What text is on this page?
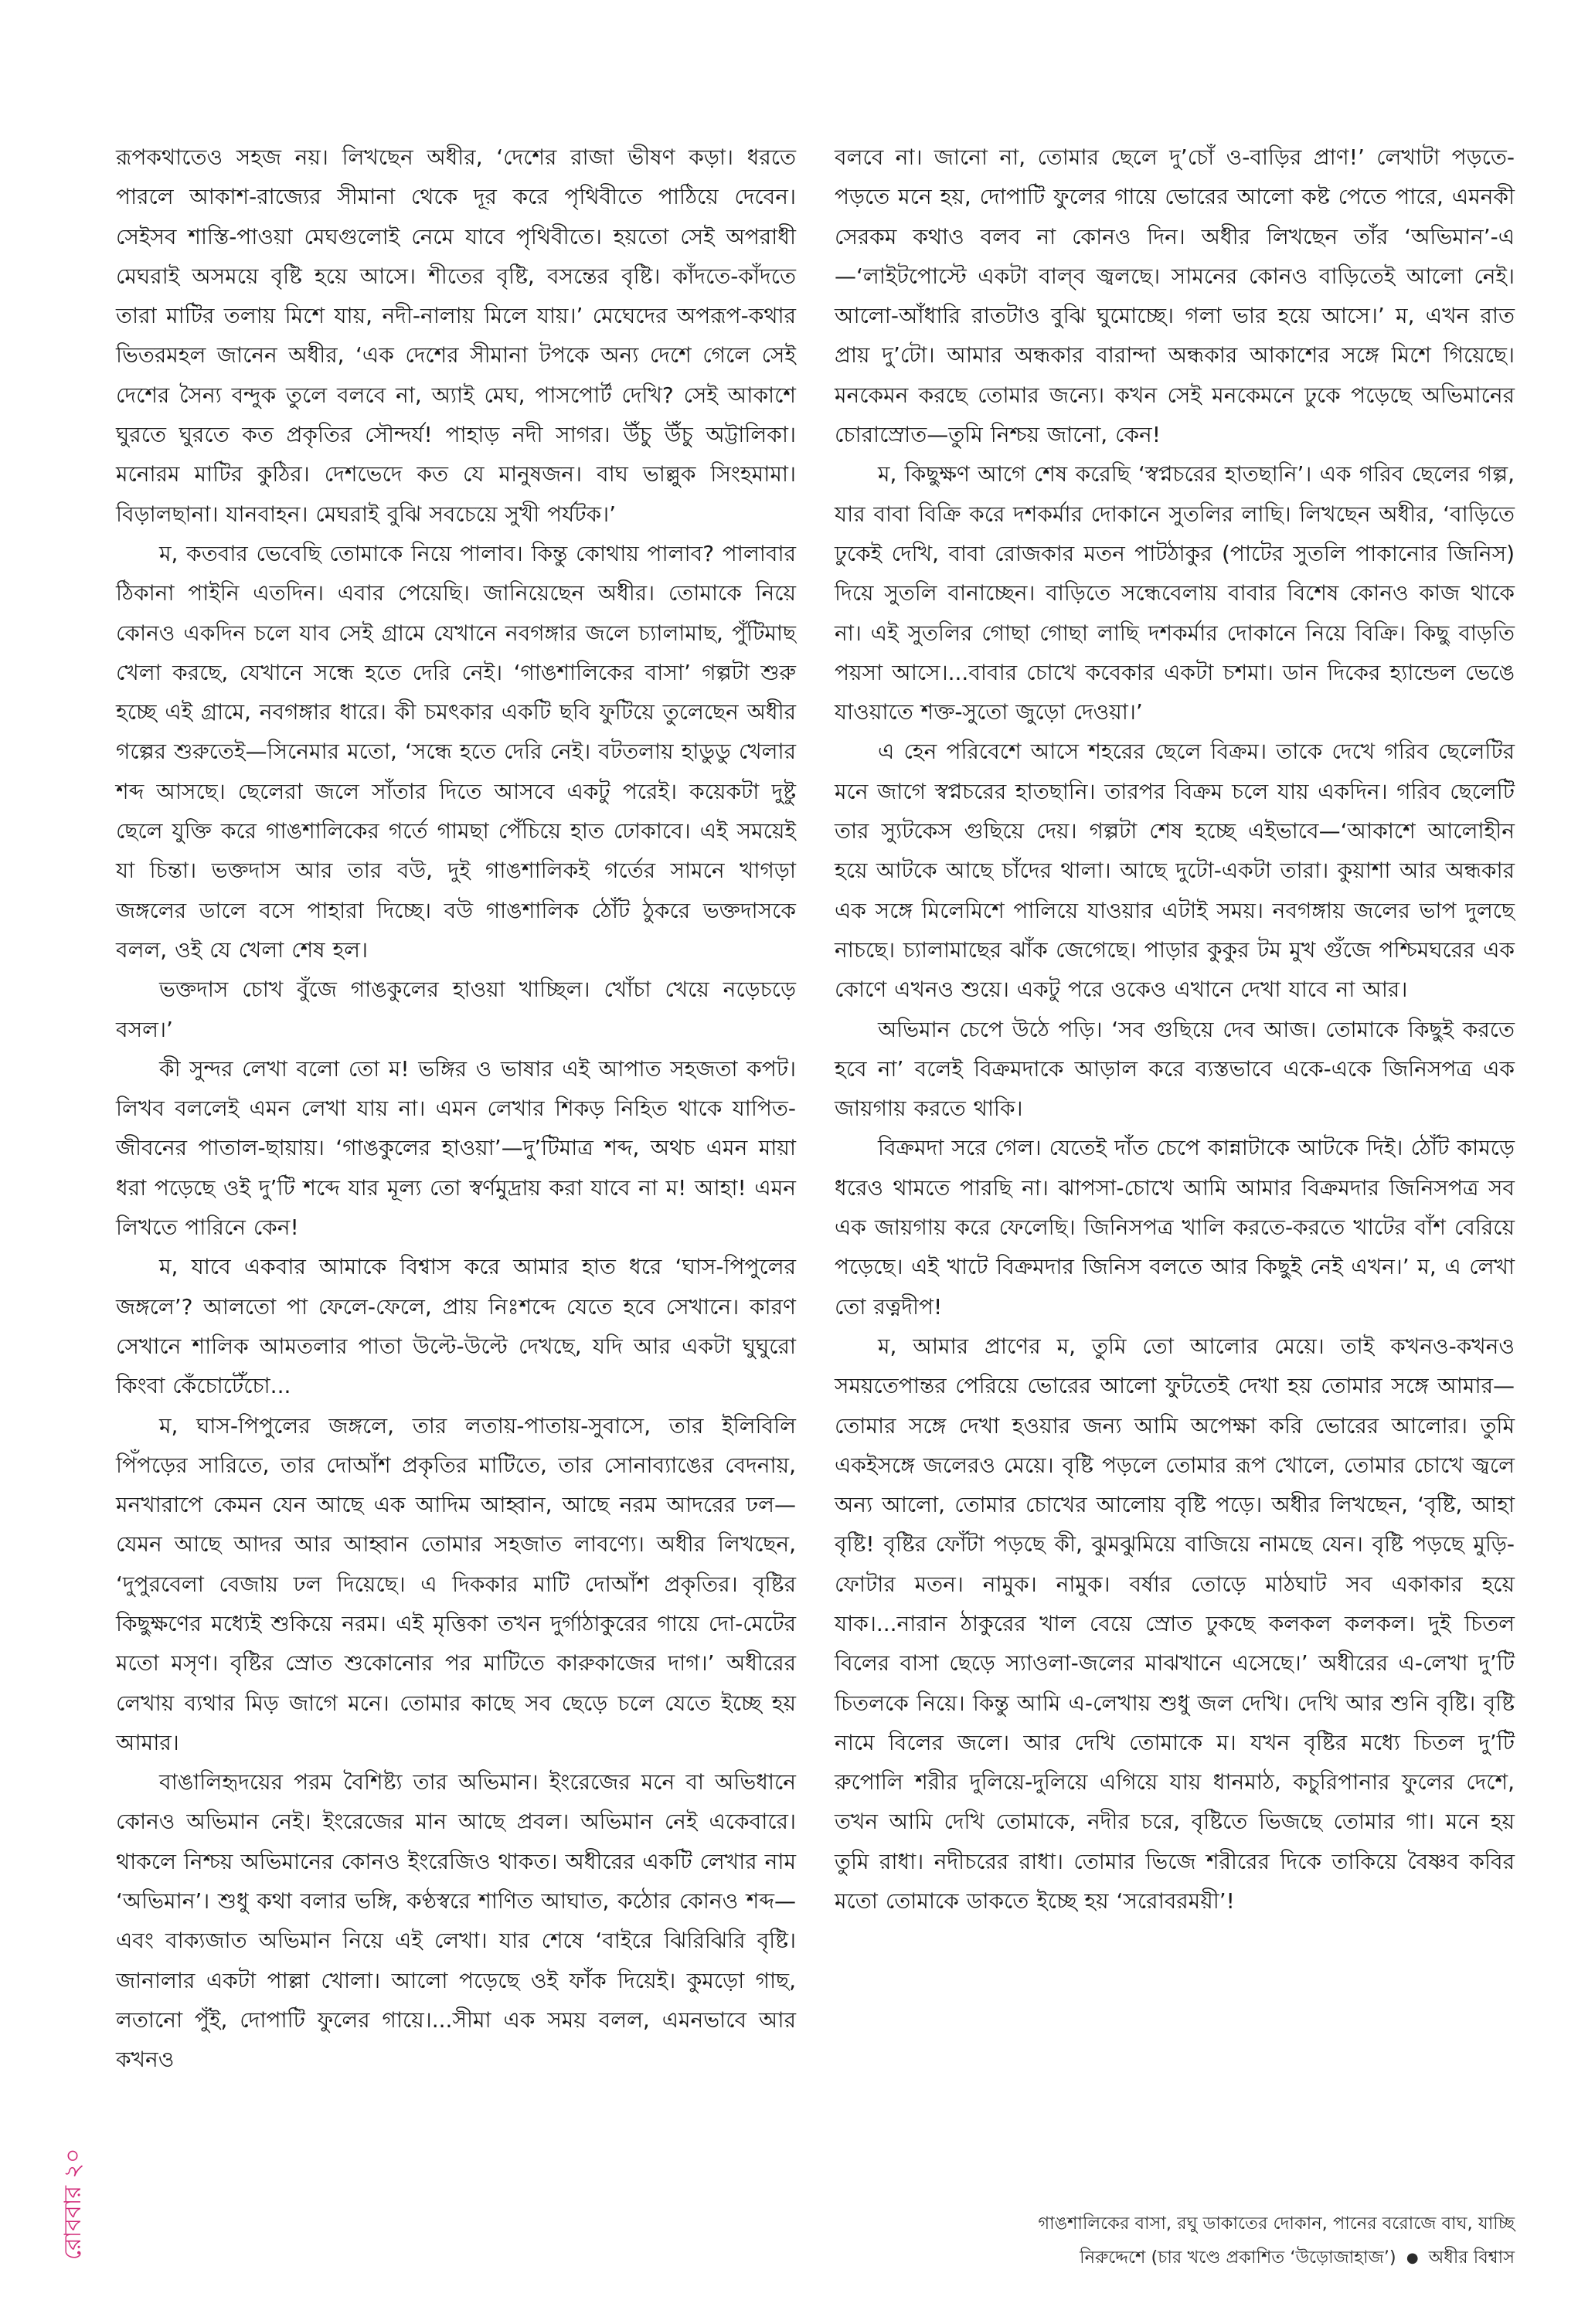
রূপকথাতেও সহজ নয়। লিখছেন অধীর, ‘দেশের রাজা ভীষণ কড়া। ধরতে পারলে আকাশ-রাজ্যের সীমানা থেকে দূর করে পৃথিবীতে পাঠিয়ে দেবেন। সেইসব শাস্তি-পাওয়া মেঘগুলোই নেমে যাবে পৃথিবীতে। হয়তো সেই অপরাধী মেঘরাই অসময়ে বৃষ্টি হয়ে আসে। শীতের বৃষ্টি, বসন্তের বৃষ্টি। কাঁদতে-কাঁদতে তারা মাটির তলায় মিশে যায়, নদী-নালায় মিলে যায়।’ মেঘেদের অপরূপ-কথার ভিতরমহল জানেন অধীর, ‘এক দেশের সীমানা টপকে অন্য দেশে গেলে সেই দেশের সৈন্য বন্দুক তুলে বলবে না, অ্যাই মেঘ, পাসপোর্ট দেখি? সেই আকাশে ঘুরতে ঘুরতে কত প্রকৃতির সৌন্দর্য! পাহাড় নদী সাগর। উঁচু উঁচু অট্টালিকা। মনোরম মাটির কুঠির। দেশভেদে কত যে মানুষজন। বাঘ ভাল্লুক সিংহমামা। বিড়ালছানা। যানবাহন। মেঘরাই বুঝি সবচেয়ে সুখী পর্যটক।’

ম, কতবার ভেবেছি তোমাকে নিয়ে পালাব। কিন্তু কোথায় পালাব? পালাবার ঠিকানা পাইনি এতদিন। এবার পেয়েছি। জানিয়েছেন অধীর। তোমাকে নিয়ে কোনও একদিন চলে যাব সেই গ্রামে যেখানে নবগঙ্গার জলে চ্যালামাছ, পুঁটিমাছ খেলা করছে, যেখানে সন্ধে হতে দেরি নেই। ‘গাঙশালিকের বাসা’ গল্পটা শুরু হচ্ছে এই গ্রামে, নবগঙ্গার ধারে। কী চমৎকার একটি ছবি ফুটিয়ে তুলেছেন অধীর গল্পের শুরুতেই—সিনেমার মতো, ‘সন্ধে হতে দেরি নেই। বটতলায় হাডুডু খেলার শব্দ আসছে। ছেলেরা জলে সাঁতার দিতে আসবে একটু পরেই। কয়েকটা দুষ্টু ছেলে যুক্তি করে গাঙশালিকের গর্তে গামছা পেঁচিয়ে হাত ঢোকাবে। এই সময়েই যা চিন্তা। ভক্তদাস আর তার বউ, দুই গাঙশালিকই গর্তের সামনে খাগড়া জঙ্গলের ডালে বসে পাহারা দিচ্ছে। বউ গাঙশালিক ঠোঁট ঠুকরে ভক্তদাসকে বলল, ওই যে খেলা শেষ হল।

ভক্তদাস চোখ বুঁজে গাঙকুলের হাওয়া খাচ্ছিল। খোঁচা খেয়ে নড়েচড়ে বসল।’

কী সুন্দর লেখা বলো তো ম! ভঙ্গির ও ভাষার এই আপাত সহজতা কপট। লিখব বললেই এমন লেখা যায় না। এমন লেখার শিকড় নিহিত থাকে যাপিত-জীবনের পাতাল-ছায়ায়। ‘গাঙকুলের হাওয়া’—দু’টিমাত্র শব্দ, অথচ এমন মায়া ধরা পড়েছে ওই দু’টি শব্দে যার মূল্য তো স্বর্ণমুদ্রায় করা যাবে না ম! আহা! এমন লিখতে পারিনে কেন!

ম, যাবে একবার আমাকে বিশ্বাস করে আমার হাত ধরে ‘ঘাস-পিপুলের জঙ্গলে’? আলতো পা ফেলে-ফেলে, প্রায় নিঃশব্দে যেতে হবে সেখানে। কারণ সেখানে শালিক আমতলার পাতা উল্টে-উল্টে দেখছে, যদি আর একটা ঘুঘুরো কিংবা কেঁচোটেঁচো...

ম, ঘাস-পিপুলের জঙ্গলে, তার লতায়-পাতায়-সুবাসে, তার ইলিবিলি পিঁপড়ের সারিতে, তার দোআঁশ প্রকৃতির মাটিতে, তার সোনাব্যাঙের বেদনায়, মনখারাপে কেমন যেন আছে এক আদিম আহ্বান, আছে নরম আদরের ঢল—যেমন আছে আদর আর আহ্বান তোমার সহজাত লাবণ্যে। অধীর লিখছেন, ‘দুপুরবেলা বেজায় ঢল দিয়েছে। এ দিককার মাটি দোআঁশ প্রকৃতির। বৃষ্টির কিছুক্ষণের মধ্যেই শুকিয়ে নরম। এই মৃত্তিকা তখন দুর্গাঠাকুরের গায়ে দো-মেটের মতো মসৃণ। বৃষ্টির স্রোত শুকোনোর পর মাটিতে কারুকাজের দাগ।’ অধীরের লেখায় ব্যথার মিড় জাগে মনে। তোমার কাছে সব ছেড়ে চলে যেতে ইচ্ছে হয় আমার।

বাঙালিহৃদয়ের পরম বৈশিষ্ট্য তার অভিমান। ইংরেজের মনে বা অভিধানে কোনও অভিমান নেই। ইংরেজের মান আছে প্রবল। অভিমান নেই একেবারে। থাকলে নিশ্চয় অভিমানের কোনও ইংরেজিও থাকত। অধীরের একটি লেখার নাম ‘অভিমান’। শুধু কথা বলার ভঙ্গি, কণ্ঠস্বরে শাণিত আঘাত, কঠোর কোনও শব্দ—এবং বাক্যজাত অভিমান নিয়ে এই লেখা। যার শেষে ‘বাইরে ঝিরিঝিরি বৃষ্টি। জানালার একটা পাল্লা খোলা। আলো পড়েছে ওই ফাঁক দিয়েই। কুমড়ো গাছ, লতানো পুঁই, দোপাটি ফুলের গায়ে।...সীমা এক সময় বলল, এমনভাবে আর কখনও

বলবে না। জানো না, তোমার ছেলে দু’চোঁ ও-বাড়ির প্রাণ!’ লেখাটা পড়তে-পড়তে মনে হয়, দোপাটি ফুলের গায়ে ভোরের আলো কষ্ট পেতে পারে, এমনকী সেরকম কথাও বলব না কোনও দিন। অধীর লিখছেন তাঁর ‘অভিমান’-এ—‘লাইটপোস্টে একটা বাল্‌ব জ্বলছে। সামনের কোনও বাড়িতেই আলো নেই। আলো-আঁধারি রাতটাও বুঝি ঘুমোচ্ছে। গলা ভার হয়ে আসে।’ ম, এখন রাত প্রায় দু’টো। আমার অন্ধকার বারান্দা অন্ধকার আকাশের সঙ্গে মিশে গিয়েছে। মনকেমন করছে তোমার জন্যে। কখন সেই মনকেমনে ঢুকে পড়েছে অভিমানের চোরাস্রোত—তুমি নিশ্চয় জানো, কেন!

ম, কিছুক্ষণ আগে শেষ করেছি ‘স্বপ্নচরের হাতছানি’। এক গরিব ছেলের গল্প, যার বাবা বিক্রি করে দশকর্মার দোকানে সুতলির লাছি। লিখছেন অধীর, ‘বাড়িতে ঢুকেই দেখি, বাবা রোজকার মতন পাটঠাকুর (পাটের সুতলি পাকানোর জিনিস) দিয়ে সুতলি বানাচ্ছেন। বাড়িতে সন্ধেবেলায় বাবার বিশেষ কোনও কাজ থাকে না। এই সুতলির গোছা গোছা লাছি দশকর্মার দোকানে নিয়ে বিক্রি। কিছু বাড়তি পয়সা আসে।...বাবার চোখে কবেকার একটা চশমা। ডান দিকের হ্যান্ডেল ভেঙে যাওয়াতে শক্ত-সুতো জুড়ো দেওয়া।’

এ হেন পরিবেশে আসে শহরের ছেলে বিক্রম। তাকে দেখে গরিব ছেলেটির মনে জাগে স্বপ্নচরের হাতছানি। তারপর বিক্রম চলে যায় একদিন। গরিব ছেলেটি তার স্যুটকেস গুছিয়ে দেয়। গল্পটা শেষ হচ্ছে এইভাবে—‘আকাশে আলোহীন হয়ে আটকে আছে চাঁদের থালা। আছে দুটো-একটা তারা। কুয়াশা আর অন্ধকার এক সঙ্গে মিলেমিশে পালিয়ে যাওয়ার এটাই সময়। নবগঙ্গায় জলের ভাপ দুলছে নাচছে। চ্যালামাছের ঝাঁক জেগেছে। পাড়ার কুকুর টম মুখ গুঁজে পশ্চিমঘরের এক কোণে এখনও শুয়ে। একটু পরে ওকেও এখানে দেখা যাবে না আর।

অভিমান চেপে উঠে পড়ি। ‘সব গুছিয়ে দেব আজ। তোমাকে কিছুই করতে হবে না’ বলেই বিক্রমদাকে আড়াল করে ব্যস্তভাবে একে-একে জিনিসপত্র এক জায়গায় করতে থাকি।

বিক্রমদা সরে গেল। যেতেই দাঁত চেপে কান্নাটাকে আটকে দিই। ঠোঁট কামড়ে ধরেও থামতে পারছি না। ঝাপসা-চোখে আমি আমার বিক্রমদার জিনিসপত্র সব এক জায়গায় করে ফেলেছি। জিনিসপত্র খালি করতে-করতে খাটের বাঁশ বেরিয়ে পড়েছে। এই খাটে বিক্রমদার জিনিস বলতে আর কিছুই নেই এখন।’ ম, এ লেখা তো রত্নদীপ!

ম, আমার প্রাণের ম, তুমি তো আলোর মেয়ে। তাই কখনও-কখনও সময়তেপান্তর পেরিয়ে ভোরের আলো ফুটতেই দেখা হয় তোমার সঙ্গে আমার—তোমার সঙ্গে দেখা হওয়ার জন্য আমি অপেক্ষা করি ভোরের আলোর। তুমি একইসঙ্গে জলেরও মেয়ে। বৃষ্টি পড়লে তোমার রূপ খোলে, তোমার চোখে জ্বলে অন্য আলো, তোমার চোখের আলোয় বৃষ্টি পড়ে। অধীর লিখছেন, ‘বৃষ্টি, আহা বৃষ্টি! বৃষ্টির ফোঁটা পড়ছে কী, ঝুমঝুমিয়ে বাজিয়ে নামছে যেন। বৃষ্টি পড়ছে মুড়ি-ফোটার মতন। নামুক। নামুক। বর্ষার তোড়ে মাঠঘাট সব একাকার হয়ে যাক।...নারান ঠাকুরের খাল বেয়ে স্রোত ঢুকছে কলকল কলকল। দুই চিতল বিলের বাসা ছেড়ে স্যাওলা-জলের মাঝখানে এসেছে।’ অধীরের এ-লেখা দু’টি চিতলকে নিয়ে। কিন্তু আমি এ-লেখায় শুধু জল দেখি। দেখি আর শুনি বৃষ্টি। বৃষ্টি নামে বিলের জলে। আর দেখি তোমাকে ম। যখন বৃষ্টির মধ্যে চিতল দু’টি রুপোলি শরীর দুলিয়ে-দুলিয়ে এগিয়ে যায় ধানমাঠ, কচুরিপানার ফুলের দেশে, তখন আমি দেখি তোমাকে, নদীর চরে, বৃষ্টিতে ভিজছে তোমার গা। মনে হয় তুমি রাধা। নদীচরের রাধা। তোমার ভিজে শরীরের দিকে তাকিয়ে বৈষ্ণব কবির মতো তোমাকে ডাকতে ইচ্ছে হয় ‘সরোবরময়ী’!

গাঙশালিকের বাসা, রঘু ডাকাতের দোকান, পানের বরোজে বাঘ, যাচ্ছি
নিরুদ্দেশে (চার খণ্ডে প্রকাশিত ‘উড়োজাহাজ’) ● অধীর বিশ্বাস
রোববার ২০
